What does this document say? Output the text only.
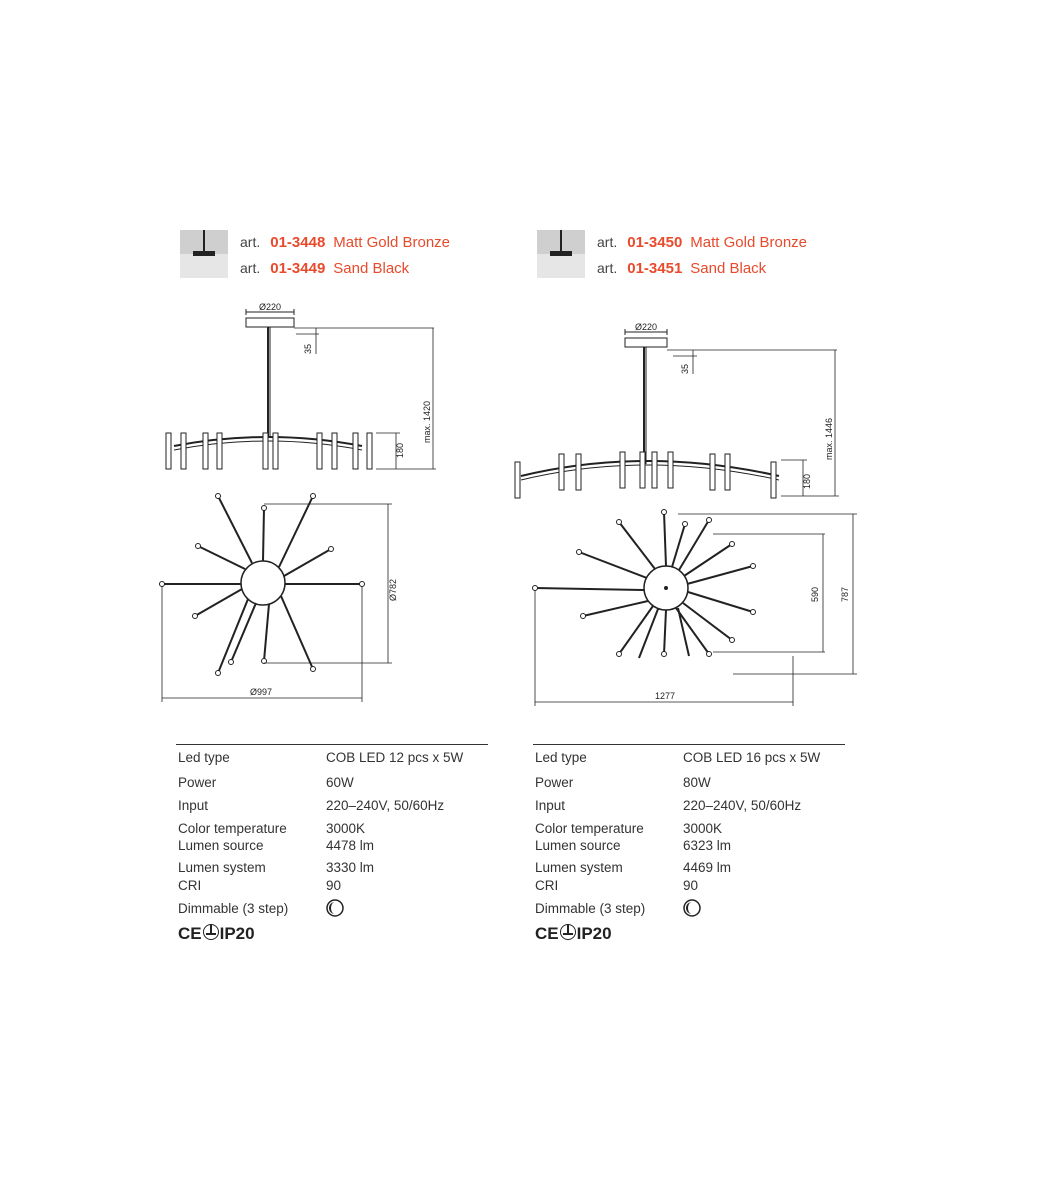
art. 01-3448 Matt Gold Bronze
art. 01-3449 Sand Black
Ø220
35
max. 1420
180
Ø782
Ø997
Led type	COB LED 12 pcs x 5W
Power	60W
Input	220–240V, 50/60Hz
Color temperature	3000K
Lumen source	4478 lm
Lumen system	3330 lm
CRI	90
Dimmable (3 step)
CE IP20
art. 01-3450 Matt Gold Bronze
art. 01-3451 Sand Black
Ø220
35
max. 1446
180
590 787
1277
Led type	COB LED 16 pcs x 5W
Power	80W
Input	220–240V, 50/60Hz
Color temperature	3000K
Lumen source	6323 lm
Lumen system	4469 lm
CRI	90
Dimmable (3 step)
CE IP20
